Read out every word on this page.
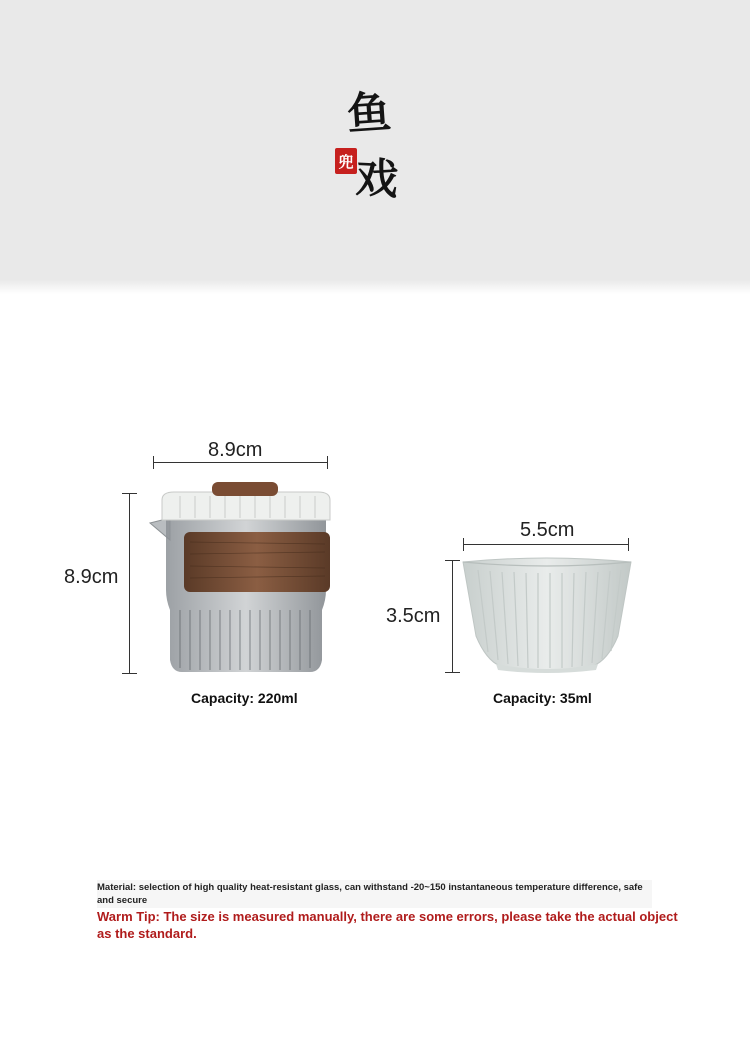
鱼
兜 戏
8.9cm
8.9cm
Capacity: 220ml
5.5cm
3.5cm
Capacity: 35ml
Material: selection of high quality heat-resistant glass, can withstand -20~150 instantaneous temperature difference, safe and secure
Warm Tip: The size is measured manually, there are some errors, please take the actual object as the standard.
